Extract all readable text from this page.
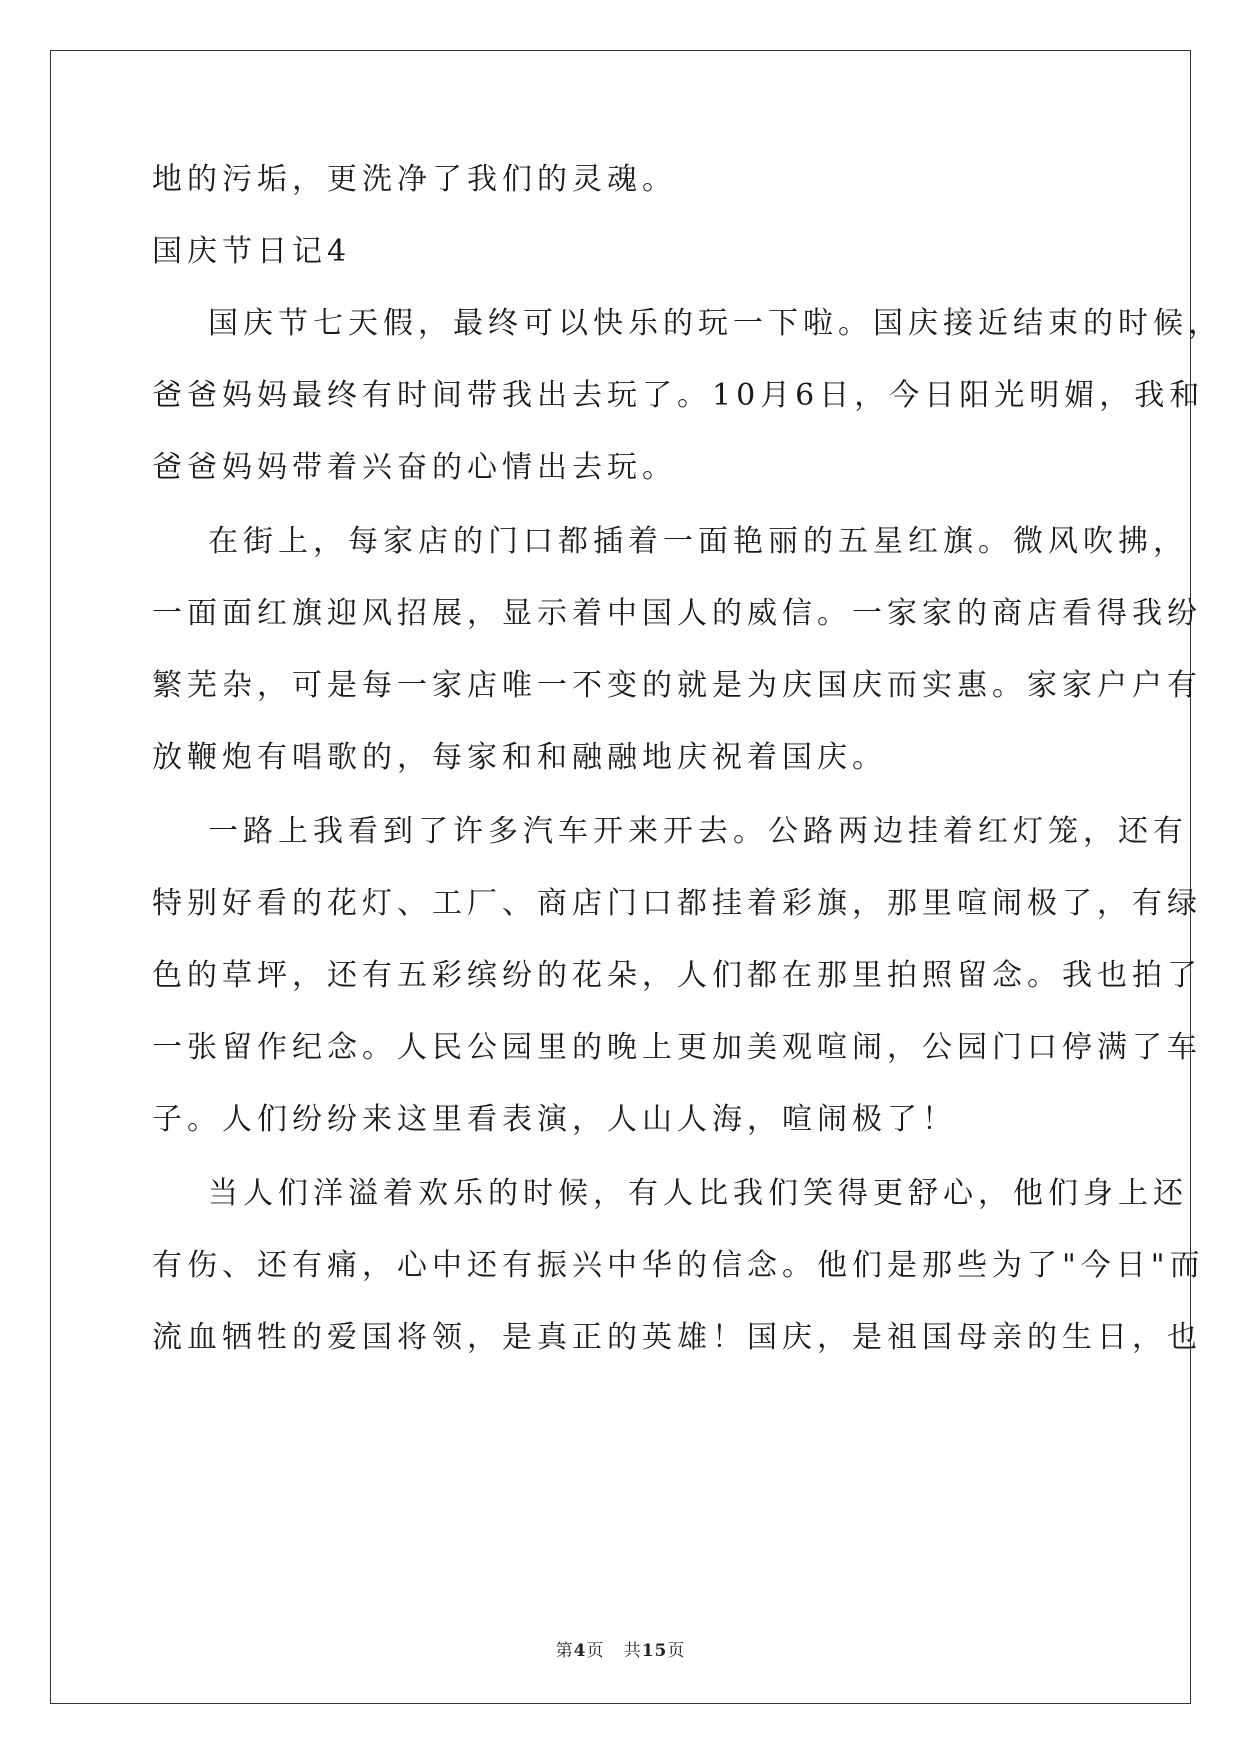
地的污垢，更洗净了我们的灵魂。
国庆节日记4
国庆节七天假，最终可以快乐的玩一下啦。国庆接近结束的时候，
爸爸妈妈最终有时间带我出去玩了。10月6日，今日阳光明媚，我和
爸爸妈妈带着兴奋的心情出去玩。
在街上，每家店的门口都插着一面艳丽的五星红旗。微风吹拂，
一面面红旗迎风招展，显示着中国人的威信。一家家的商店看得我纷
繁芜杂，可是每一家店唯一不变的就是为庆国庆而实惠。家家户户有
放鞭炮有唱歌的，每家和和融融地庆祝着国庆。
一路上我看到了许多汽车开来开去。公路两边挂着红灯笼，还有
特别好看的花灯、工厂、商店门口都挂着彩旗，那里喧闹极了，有绿
色的草坪，还有五彩缤纷的花朵，人们都在那里拍照留念。我也拍了
一张留作纪念。人民公园里的晚上更加美观喧闹，公园门口停满了车
子。人们纷纷来这里看表演，人山人海，喧闹极了！
当人们洋溢着欢乐的时候，有人比我们笑得更舒心，他们身上还
有伤、还有痛，心中还有振兴中华的信念。他们是那些为了"今日"而
流血牺牲的爱国将领，是真正的英雄！国庆，是祖国母亲的生日，也
第4页 共15页
